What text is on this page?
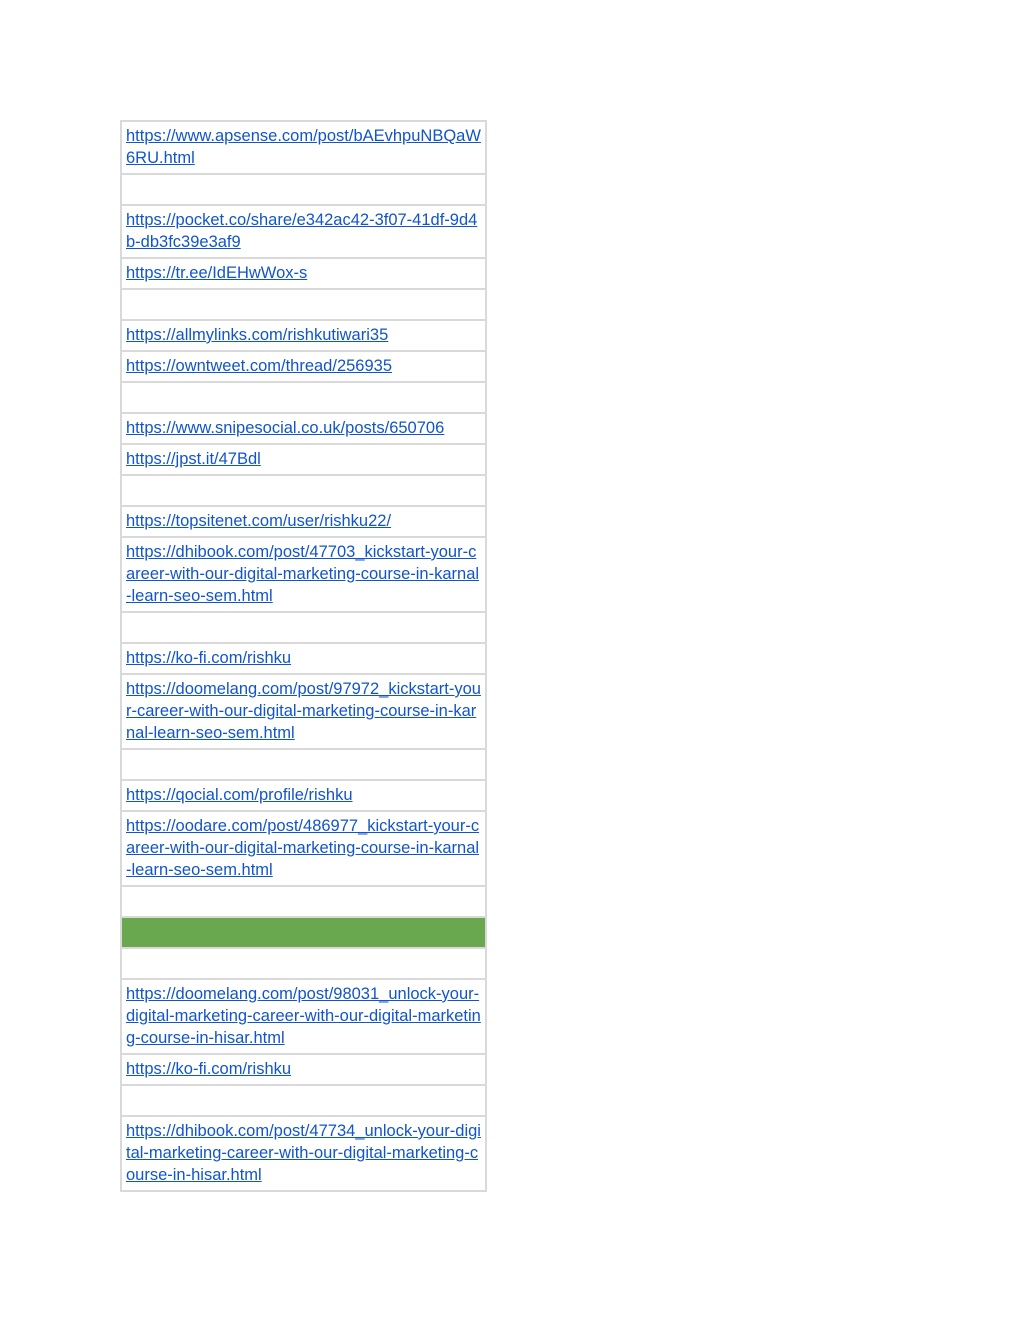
https://www.apsense.com/post/bAEvhpuNBQaW6RU.html

https://pocket.co/share/e342ac42-3f07-41df-9d4b-db3fc39e3af9
https://tr.ee/IdEHwWox-s

https://allmylinks.com/rishkutiwari35
https://owntweet.com/thread/256935

https://www.snipesocial.co.uk/posts/650706
https://jpst.it/47Bdl

https://topsitenet.com/user/rishku22/
https://dhibook.com/post/47703_kickstart-your-career-with-our-digital-marketing-course-in-karnal-learn-seo-sem.html

https://ko-fi.com/rishku
https://doomelang.com/post/97972_kickstart-your-career-with-our-digital-marketing-course-in-karnal-learn-seo-sem.html

https://qocial.com/profile/rishku
https://oodare.com/post/486977_kickstart-your-career-with-our-digital-marketing-course-in-karnal-learn-seo-sem.html

https://doomelang.com/post/98031_unlock-your-digital-marketing-career-with-our-digital-marketing-course-in-hisar.html
https://ko-fi.com/rishku

https://dhibook.com/post/47734_unlock-your-digital-marketing-career-with-our-digital-marketing-course-in-hisar.html
